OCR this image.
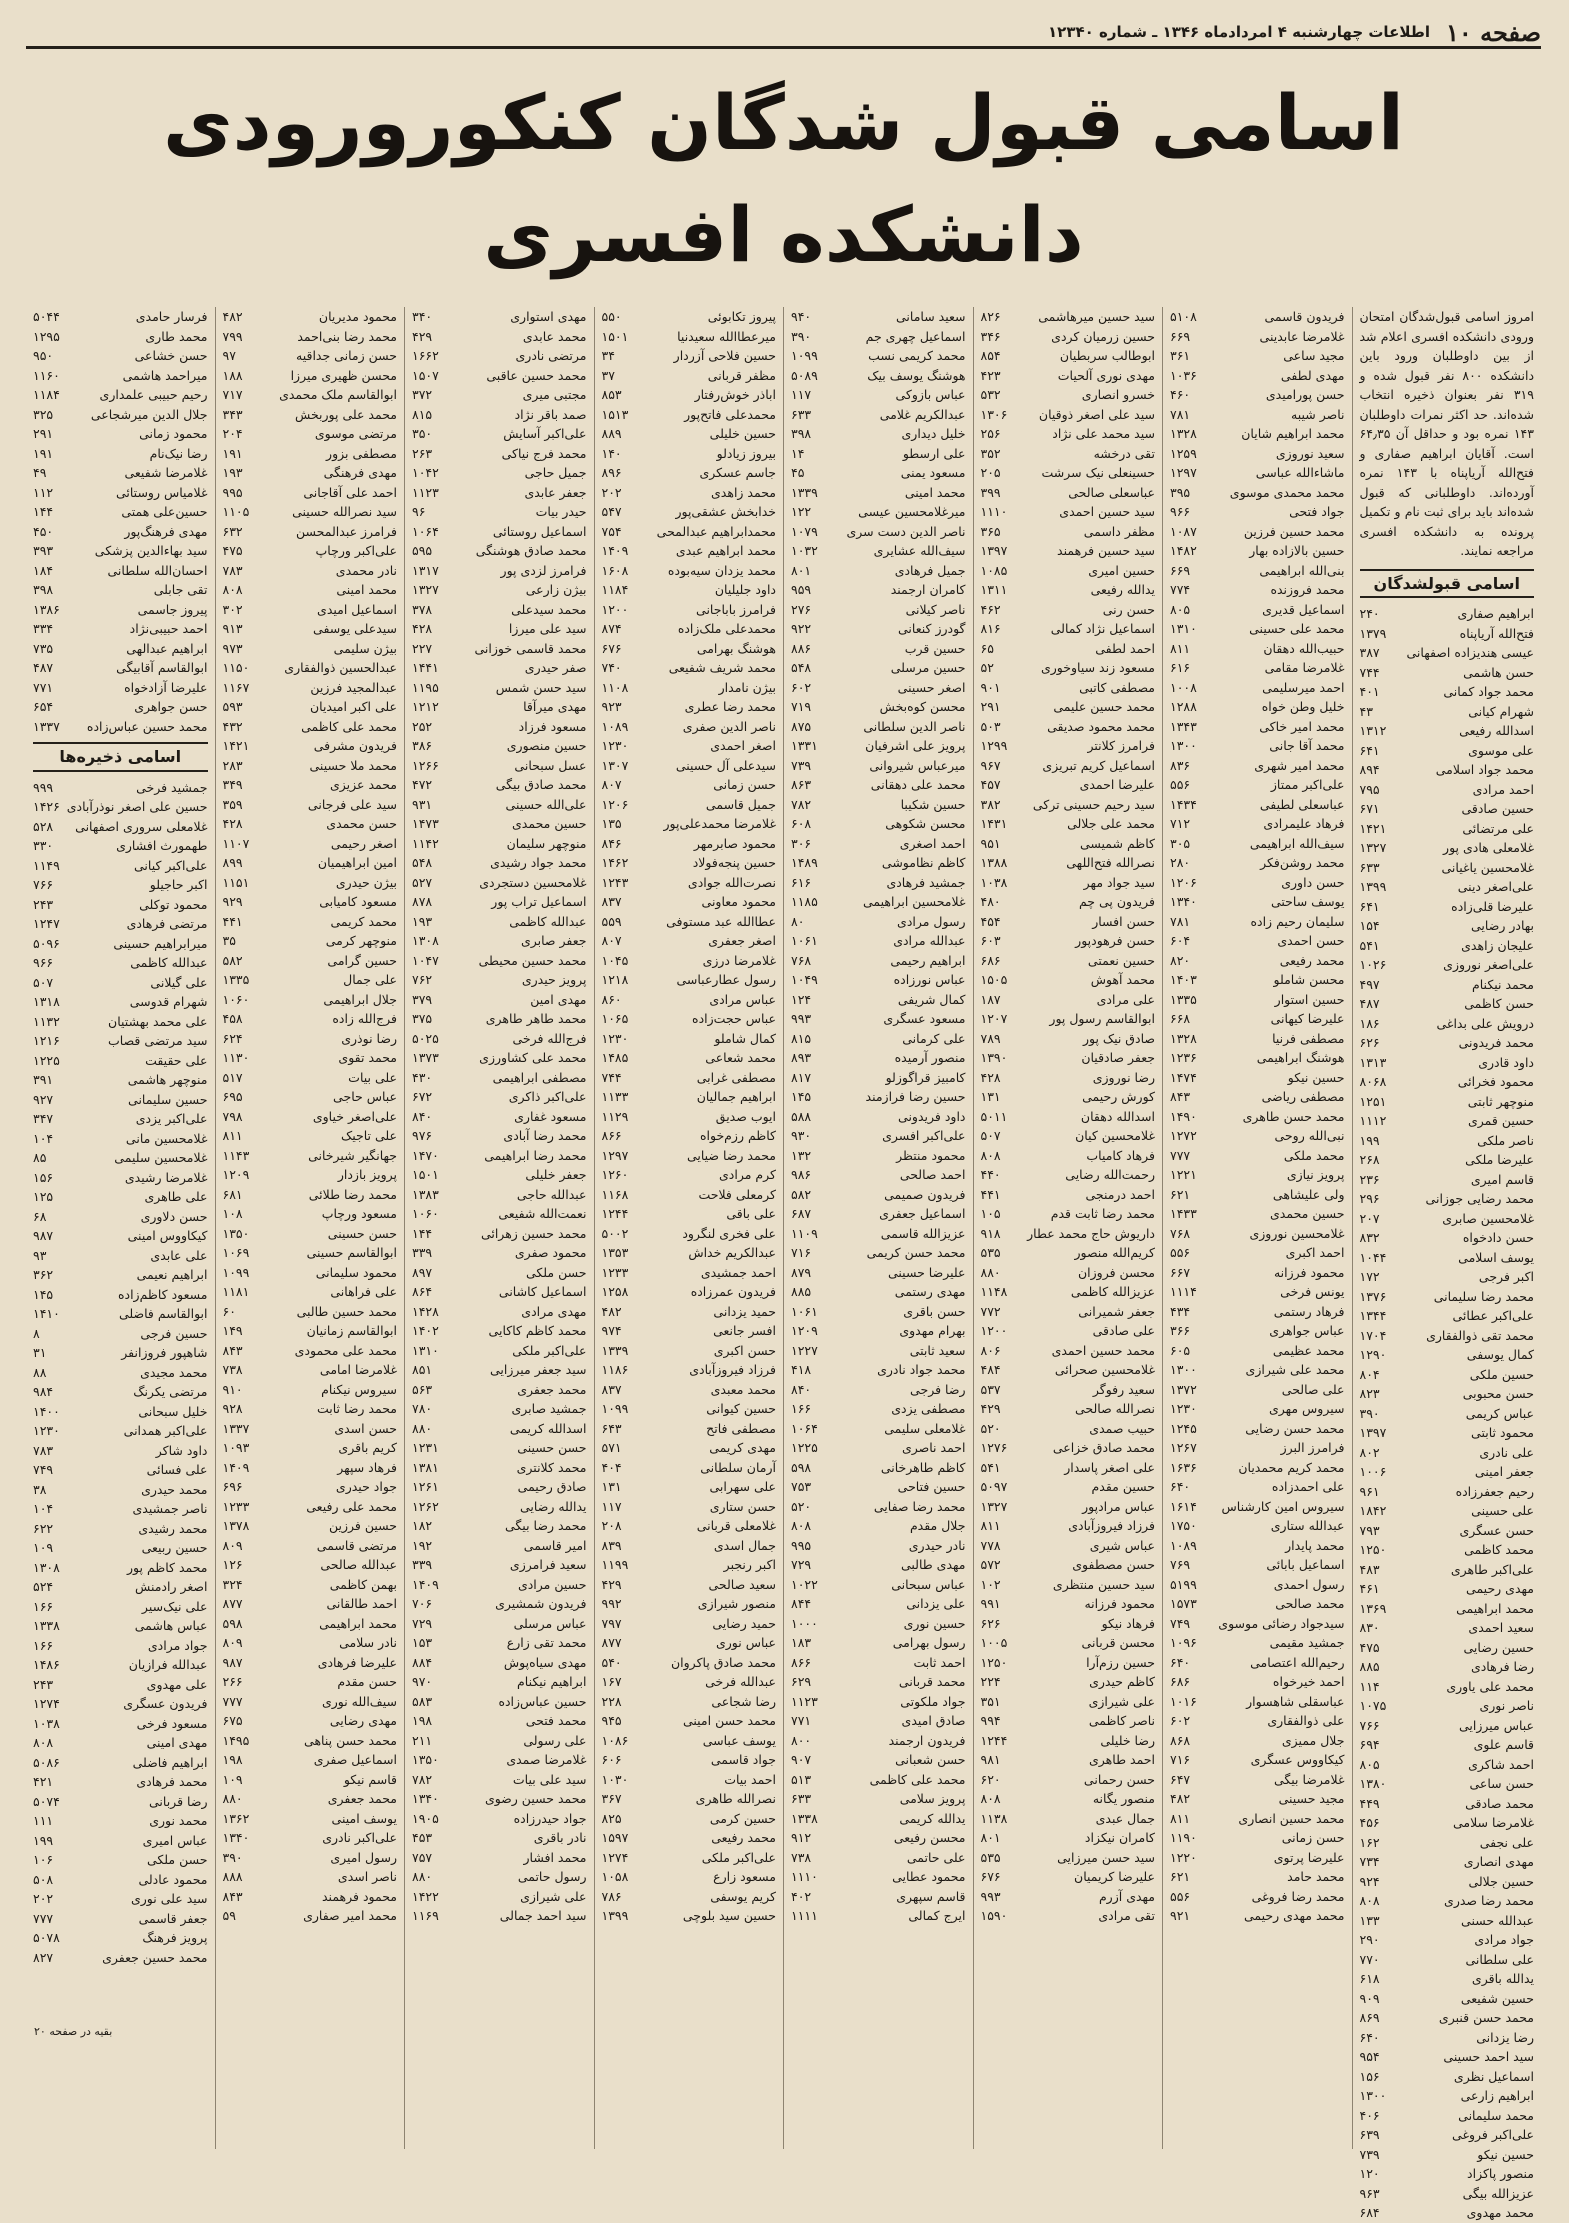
صفحه ۱۰
اطلاعات چهارشنبه ۴ امردادماه ۱۳۴۶ ـ شماره ۱۲۳۴۰
اسامی قبول شدگان کنکورورودی دانشکده افسری
امروز اسامی قبول‌شدگان امتحان ورودی دانشکده افسری اعلام شد از بین داوطلبان ورود باین دانشکده ۸۰۰ نفر قبول شده و ۳۱۹ نفر بعنوان ذخیره انتخاب شده‌اند. حد اکثر نمرات داوطلبان ۱۴۳ نمره بود و حداقل آن ۶۴٫۳۵ است. آقایان ابراهیم صفاری و فتح‌الله آریاپناه با ۱۴۳ نمره آورده‌اند. داوطلبانی که قبول شده‌اند باید برای ثبت نام و تکمیل پرونده به دانشکده افسری مراجعه نمایند.
اسامی قبولشدگان
ابراهیم صفاری
۲۴۰
فتح‌الله آریاپناه
۱۳۷۹
عیسی هندیزاده اصفهانی
۳۸۷
حسن هاشمی
۷۴۴
محمد جواد کمانی
۴۰۱
شهرام کیانی
۴۳
اسدالله رفیعی
۱۳۱۲
علی موسوی
۶۴۱
محمد جواد اسلامی
۸۹۴
احمد مرادی
۷۹۵
حسین صادقی
۶۷۱
علی مرتضائی
۱۴۲۱
غلامعلی هادی پور
۱۳۲۷
غلامحسین یاغیانی
۶۳۳
علی‌اصغر دینی
۱۳۹۹
علیرضا قلی‌زاده
۶۴۱
بهادر رضایی
۱۵۴
علیجان زاهدی
۵۴۱
علی‌اصغر نوروزی
۱۰۲۶
محمد نیکنام
۴۹۷
حسن کاظمی
۴۸۷
درویش علی بداغی
۱۸۶
محمد فریدونی
۶۲۶
داود قادری
۱۳۱۳
محمود فخرائی
۸۰۶۸
منوچهر ثابتی
۱۲۵۱
حسین قمری
۱۱۱۲
ناصر ملکی
۱۹۹
علیرضا ملکی
۲۶۸
قاسم امیری
۲۳۶
محمد رضایی جوزانی
۲۹۶
غلامحسین صابری
۲۰۷
حسن دادخواه
۸۳۲
یوسف اسلامی
۱۰۴۴
اکبر فرجی
۱۷۲
محمد رضا سلیمانی
۱۳۷۶
علی‌اکبر عطائی
۱۳۴۴
محمد تقی ذوالفقاری
۱۷۰۴
کمال یوسفی
۱۲۹۰
حسین ملکی
۸۰۴
حسن محبوبی
۸۲۳
عباس کریمی
۳۹۰
محمود ثابتی
۱۳۹۷
علی نادری
۸۰۲
جعفر امینی
۱۰۰۶
رحیم جعفرزاده
۹۶۱
علی حسینی
۱۸۴۲
حسن عسگری
۷۹۳
محمد کاظمی
۱۲۵۰
علی‌اکبر طاهری
۴۸۳
مهدی رحیمی
۴۶۱
محمد ابراهیمی
۱۳۶۹
سعید احمدی
۸۳۰
حسین رضایی
۴۷۵
رضا فرهادی
۸۸۵
محمد علی یاوری
۱۱۴
ناصر نوری
۱۰۷۵
عباس میرزایی
۷۶۶
قاسم علوی
۶۹۴
احمد شاکری
۸۰۵
حسن ساعی
۱۳۸۰
محمد صادقی
۴۴۹
غلامرضا سلامی
۴۵۶
علی نجفی
۱۶۲
مهدی انصاری
۷۳۴
حسین جلالی
۹۲۴
محمد رضا صدری
۸۰۸
عبدالله حسنی
۱۳۳
جواد مرادی
۲۹۰
علی سلطانی
۷۷۰
یدالله باقری
۶۱۸
حسین شفیعی
۹۰۹
محمد حسن قنبری
۸۶۹
رضا یزدانی
۶۴۰
سید احمد حسینی
۹۵۴
اسماعیل نظری
۱۵۶
ابراهیم زارعی
۱۳۰۰
محمد سلیمانی
۴۰۶
علی‌اکبر فروغی
۶۳۹
حسین نیکو
۷۳۹
منصور پاکزاد
۱۲۰
عزیزالله بیگی
۹۶۳
محمد مهدوی
۶۸۴
فریدون قاسمی
۵۱۰۸
غلامرضا عابدینی
۶۶۹
مجید ساعی
۳۶۱
مهدی لطفی
۱۰۳۶
حسن پورامیدی
۴۶۰
ناصر شیبه
۷۸۱
محمد ابراهیم شایان
۱۳۲۸
سعید نوروزی
۱۲۵۹
ماشاءالله عباسی
۱۲۹۷
محمد محمدی موسوی
۳۹۵
جواد فتحی
۹۶۶
محمد حسین فرزین
۱۰۸۷
حسین بالازاده بهار
۱۴۸۲
بنی‌الله ابراهیمی
۶۶۹
محمد فروزنده
۷۷۴
اسماعیل قدیری
۸۰۵
محمد علی حسینی
۱۳۱۰
حبیب‌الله دهقان
۸۱۱
غلامرضا مقامی
۶۱۶
احمد میرسلیمی
۱۰۰۸
خلیل وطن خواه
۱۲۸۸
محمد امیر خاکی
۱۳۴۳
محمد آقا جانی
۱۳۰۰
محمد امیر شهری
۸۳۶
علی‌اکبر ممتاز
۵۵۶
عباسعلی لطیفی
۱۴۳۴
فرهاد علیمرادی
۷۱۲
سیف‌الله ابراهیمی
۳۰۵
محمد روشن‌فکر
۲۸۰
حسن داوری
۱۲۰۶
یوسف ساحتی
۱۳۴۰
سلیمان رحیم زاده
۷۸۱
حسن احمدی
۶۰۴
محمد رفیعی
۸۲۰
محسن شاملو
۱۴۰۳
حسین استوار
۱۳۳۵
علیرضا کیهانی
۶۶۸
مصطفی فرنیا
۱۳۲۸
هوشنگ ابراهیمی
۱۲۳۶
حسین نیکو
۱۴۷۴
مصطفی ریاضی
۸۴۳
محمد حسن طاهری
۱۴۹۰
نبی‌الله روحی
۱۲۷۲
محمد ملکی
۷۷۷
پرویز نیازی
۱۲۲۱
ولی علیشاهی
۶۲۱
حسین محمدی
۱۴۳۳
غلامحسین نوروزی
۷۶۸
احمد اکبری
۵۵۶
محمود فرزانه
۶۶۷
یونس فرخی
۱۱۱۴
فرهاد رستمی
۴۳۴
عباس جواهری
۳۶۶
محمد عظیمی
۶۰۵
محمد علی شیرازی
۱۳۰۰
علی صالحی
۱۳۷۲
سیروس مهری
۱۲۳۰
محمد حسن رضایی
۱۲۴۵
فرامرز البرز
۱۲۶۷
محمد کریم محمدیان
۱۶۳۶
علی احمدزاده
۶۴۰
سیروس امین کارشناس
۱۶۱۴
عبدالله ستاری
۱۷۵۰
محمد پایدار
۱۰۸۹
اسماعیل بابائی
۷۶۹
رسول احمدی
۵۱۹۹
محمد صالحی
۱۵۷۳
سیدجواد رضائی موسوی
۷۴۹
جمشید مقیمی
۱۰۹۶
رحیم‌الله اعتصامی
۶۴۰
احمد خیرخواه
۶۸۶
عباسقلی شاهسوار
۱۰۱۶
علی ذوالفقاری
۶۰۲
جلال ممیزی
۸۶۸
کیکاووس عسگری
۷۱۶
غلامرضا بیگی
۶۴۷
مجید حسینی
۴۸۲
محمد حسین انصاری
۸۱۱
حسن زمانی
۱۱۹۰
علیرضا پرتوی
۱۲۲۰
محمد حامد
۶۲۱
محمد رضا فروغی
۵۵۶
محمد مهدی رحیمی
۹۲۱
سید حسین میرهاشمی
۸۲۶
حسین زرمیان کردی
۳۴۶
ابوطالب سربطیان
۸۵۴
مهدی نوری آلحیات
۴۲۳
خسرو انصاری
۵۳۲
سید علی اصغر ذوقیان
۱۳۰۶
سید محمد علی نژاد
۲۵۶
تقی درخشه
۳۵۲
حسینعلی نیک سرشت
۲۰۵
عباسعلی صالحی
۳۹۹
سید حسین احمدی
۱۱۱۰
مظفر داسمی
۳۶۵
سید حسین فرهمند
۱۳۹۷
حسین امیری
۱۰۸۵
یدالله رفیعی
۱۳۱۱
حسن رنی
۴۶۲
اسماعیل نژاد کمالی
۸۱۶
احمد لطفی
۶۵
مسعود زند سیاوخوری
۵۲
مصطفی کاتبی
۹۰۱
محمد حسین علیمی
۲۹۱
محمد محمود صدیقی
۵۰۳
فرامرز کلانتر
۱۲۹۹
اسماعیل کریم تبریزی
۹۶۷
علیرضا احمدی
۴۵۷
سید رحیم حسینی ترکی
۳۸۲
محمد علی جلالی
۱۴۳۱
کاظم شمیسی
۹۵۱
نصرالله فتح‌اللهی
۱۳۸۸
سید جواد مهر
۱۰۳۸
فریدون پی چم
۴۸۰
حسن افسار
۴۵۴
حسن فرهودپور
۶۰۳
حسین نعمتی
۶۸۶
محمد آهوش
۱۵۰۵
علی مرادی
۱۸۷
ابوالقاسم رسول پور
۱۲۰۷
صادق نیک پور
۷۸۹
جعفر صادقیان
۱۳۹۰
رضا نوروزی
۴۲۸
کورش رحیمی
۱۳۱
اسدالله دهقان
۵۰۱۱
غلامحسین کیان
۵۰۷
فرهاد کامیاب
۸۰۸
رحمت‌الله رضایی
۴۴۰
احمد درمنجی
۴۴۱
محمد رضا ثابت قدم
۱۰۵
داریوش حاج محمد عطار
۹۱۸
کریم‌الله منصور
۵۳۵
محسن فروزان
۸۸۰
عزیزالله کاظمی
۱۱۴۸
جعفر شمیرانی
۷۷۲
علی صادقی
۱۲۰۰
محمد حسین احمدی
۸۰۶
غلامحسین صحرائی
۴۸۴
سعید رفوگر
۵۳۷
نصرالله صالحی
۴۲۹
حبیب صمدی
۵۲۰
محمد صادق خزاعی
۱۲۷۶
علی اصغر پاسدار
۵۴۱
حسین مقدم
۵۰۹۷
عباس مرادپور
۱۳۲۷
فرزاد فیروزآبادی
۸۱۱
عباس شیری
۷۷۸
حسن مصطفوی
۵۷۲
سید حسین منتظری
۱۰۲
محمود فرزانه
۹۹۱
فرهاد نیکو
۶۲۶
محسن قربانی
۱۰۰۵
حسین رزم‌آرا
۱۲۵۰
کاظم حیدری
۲۲۴
علی شیرازی
۳۵۱
ناصر کاظمی
۹۹۴
رضا خلیلی
۱۲۴۴
احمد طاهری
۹۸۱
حسن رحمانی
۶۲۰
منصور یگانه
۸۰۸
جمال عبدی
۱۱۳۸
کامران نیکزاد
۸۰۱
سید حسن میرزایی
۵۳۵
علیرضا کریمیان
۶۷۶
مهدی آزرم
۹۹۳
تقی مرادی
۱۵۹۰
سعید سامانی
۹۴۰
اسماعیل چهری جم
۳۹۰
محمد کریمی نسب
۱۰۹۹
هوشنگ یوسف بیک
۵۰۸۹
عباس بازوکی
۱۱۷
عبدالکریم غلامی
۶۳۳
خلیل دیداری
۳۹۸
علی ارسطو
۱۴
مسعود یمنی
۴۵
محمد امینی
۱۳۳۹
میرغلامحسین عیسی
۱۲۲
ناصر الدین دست سری
۱۰۷۹
سیف‌الله عشایری
۱۰۳۲
جمیل فرهادی
۸۰۱
کامران ارجمند
۹۵۹
ناصر کیلانی
۲۷۶
گودرز کنعانی
۹۲۲
حسین قرب
۸۸۶
حسین مرسلی
۵۴۸
اصغر حسینی
۶۰۲
محسن کوه‌بخش
۷۱۹
ناصر الدین سلطانی
۸۷۵
پرویز علی اشرفیان
۱۳۳۱
میرعباس شیروانی
۷۳۹
محمد علی دهقانی
۸۶۳
حسین شکیبا
۷۸۲
محسن شکوهی
۶۰۸
احمد اصغری
۳۰۶
کاظم نظاموشی
۱۴۸۹
جمشید فرهادی
۶۱۶
غلامحسین ابراهیمی
۱۱۸۵
رسول مرادی
۸۰
عبدالله مرادی
۱۰۶۱
ابراهیم رحیمی
۷۶۸
عباس نورزاده
۱۰۴۹
کمال شریفی
۱۲۴
مسعود عسگری
۹۹۳
علی کرمانی
۸۱۵
منصور آرمیده
۸۹۳
کامبیز قراگوزلو
۸۱۷
حسین رضا فرازمند
۱۴۵
داود فریدونی
۵۸۸
علی‌اکبر افسری
۹۳۰
محمود منتظر
۱۳۲
احمد صالحی
۹۸۶
فریدون صمیمی
۵۸۲
اسماعیل جعفری
۶۸۷
عزیزالله قاسمی
۱۱۰۹
محمد حسن کریمی
۷۱۶
علیرضا حسینی
۸۷۹
مهدی رستمی
۸۸۵
حسن باقری
۱۰۶۱
بهرام مهدوی
۱۲۰۹
سعید ثابتی
۱۲۲۷
محمد جواد نادری
۴۱۸
رضا فرجی
۸۴۰
مصطفی یزدی
۱۶۶
غلامعلی سلیمی
۱۰۶۴
احمد ناصری
۱۲۲۵
کاظم طاهرخانی
۵۹۸
حسین فتاحی
۷۵۳
محمد رضا صفایی
۵۲۰
جلال مقدم
۸۰۸
نادر حیدری
۹۹۵
مهدی طالبی
۷۲۹
عباس سبحانی
۱۰۲۲
علی یزدانی
۸۴۴
حسین نوری
۱۰۰۰
رسول بهرامی
۱۸۳
احمد ثابت
۸۶۶
محمد قربانی
۶۲۹
جواد ملکوتی
۱۱۲۳
صادق امیدی
۷۷۱
فریدون ارجمند
۸۰۰
حسن شعبانی
۹۰۷
محمد علی کاظمی
۵۱۳
پرویز سلامی
۶۳۳
یدالله کریمی
۱۳۳۸
محسن رفیعی
۹۱۲
علی حاتمی
۷۳۸
محمود عطایی
۱۱۱۰
قاسم سپهری
۴۰۲
ایرج کمالی
۱۱۱۱
پیروز تکابوئی
۵۵۰
میرعطاالله سعیدنیا
۱۵۰۱
حسین فلاحی آزردار
۳۴
مظفر قربانی
۳۷
اباذر خوش‌رفتار
۸۵۳
محمدعلی فاتح‌پور
۱۵۱۳
حسین خلیلی
۸۸۹
بیروز زیادلو
۱۴۰
جاسم عسکری
۸۹۶
محمد زاهدی
۲۰۲
خدابخش عشقی‌پور
۵۴۷
محمدابراهیم عبدالمحی
۷۵۴
محمد ابراهیم عبدی
۱۴۰۹
محمد یزدان سیه‌بوده
۱۶۰۸
داود جلیلیان
۱۱۸۴
فرامرز باباجانی
۱۲۰۰
محمدعلی ملک‌زاده
۸۷۴
هوشنگ بهرامی
۶۷۶
محمد شریف شفیعی
۷۴۰
بیژن نامدار
۱۱۰۸
محمد رضا عطری
۹۲۳
ناصر الدین صفری
۱۰۸۹
اصغر احمدی
۱۲۳۰
سیدعلی آل حسینی
۱۳۰۷
حسن زمانی
۸۰۷
جمیل قاسمی
۱۲۰۶
غلامرضا محمدعلی‌پور
۱۳۵
محمود صابرمهر
۸۴۶
حسین پنجه‌فولاد
۱۴۶۲
نصرت‌الله جوادی
۱۲۴۳
محمود معاونی
۸۳۷
عطاالله عبد مستوفی
۵۵۹
اصغر جعفری
۸۰۷
غلامرضا درزی
۱۰۴۵
رسول عطارعباسی
۱۲۱۸
عباس مرادی
۸۶۰
عباس حجت‌زاده
۱۰۶۵
کمال شاملو
۱۲۳۰
محمد شعاعی
۱۴۸۵
مصطفی غرابی
۷۴۴
ابراهیم جمالیان
۱۱۳۳
ایوب صدیق
۱۱۲۹
کاظم رزم‌خواه
۸۶۶
محمد رضا ضیایی
۱۲۹۷
کرم مرادی
۱۲۶۰
کرمعلی فلاحت
۱۱۶۸
علی باقی
۱۲۴۴
علی فخری لنگرود
۵۰۰۲
عبدالکریم خداش
۱۳۵۳
احمد جمشیدی
۱۲۳۳
فریدون عمرزاده
۱۲۵۸
حمید یزدانی
۴۸۲
افسر جانعی
۹۷۴
حسن اکبری
۱۳۳۹
فرزاد فیروزآبادی
۱۱۸۶
محمد معبدی
۸۳۷
حسین کیوانی
۱۰۹۹
مصطفی فاتح
۶۴۳
مهدی کریمی
۵۷۱
آرمان سلطانی
۴۰۴
علی سهرابی
۱۳۱
حسن ستاری
۱۱۷
غلامعلی قربانی
۲۰۸
جمال اسدی
۸۳۹
اکبر رنجبر
۱۱۹۹
سعید صالحی
۴۲۹
منصور شیرازی
۹۹۲
حمید رضایی
۷۹۷
عباس نوری
۸۷۷
محمد صادق پاکروان
۵۴۰
عبدالله فرخی
۱۶۷
رضا شجاعی
۲۲۸
محمد حسن امینی
۹۴۵
یوسف عباسی
۱۰۸۶
جواد قاسمی
۶۰۶
احمد بیات
۱۰۳۰
نصرالله طاهری
۳۶۷
حسین کرمی
۸۲۵
محمد رفیعی
۱۵۹۷
علی‌اکبر ملکی
۱۲۷۴
مسعود زارع
۱۰۵۸
کریم یوسفی
۷۸۶
حسین سید بلوچی
۱۳۹۹
مهدی استواری
۳۴۰
محمد عابدی
۴۲۹
مرتضی نادری
۱۶۶۲
محمد حسین عاقبی
۱۵۰۷
مجتبی میری
۳۷۲
صمد باقر نژاد
۸۱۵
علی‌اکبر آسایش
۳۵۰
محمد فرج نیاکی
۲۶۳
جمیل حاجی
۱۰۴۲
جعفر عابدی
۱۱۲۳
حیدر بیات
۹۶
اسماعیل روستائی
۱۰۶۴
محمد صادق هوشنگی
۵۹۵
فرامرز لزدی پور
۱۳۱۷
بیژن زارعی
۱۳۲۷
محمد سیدعلی
۳۷۸
سید علی میرزا
۴۲۸
محمد قاسمی خوزانی
۲۲۷
صفر حیدری
۱۴۴۱
سید حسن شمس
۱۱۹۵
مهدی میرآقا
۱۲۱۲
مسعود فرزاد
۲۵۲
حسین منصوری
۳۸۶
عسل سبحانی
۱۲۶۶
محمد صادق بیگی
۴۷۲
علی‌الله حسینی
۹۳۱
حسین محمدی
۱۴۷۳
منوچهر سلیمان
۱۱۴۲
محمد جواد رشیدی
۵۴۸
غلامحسین دستجردی
۵۲۷
اسماعیل تراب پور
۸۷۸
عبدالله کاظمی
۱۹۳
جعفر صابری
۱۳۰۸
محمد حسین محیطی
۱۰۴۷
پرویز حیدری
۷۶۲
مهدی امین
۳۷۹
محمد طاهر طاهری
۳۷۵
فرج‌الله فرخی
۵۰۲۵
محمد علی کشاورزی
۱۳۷۳
مصطفی ابراهیمی
۴۳۰
علی‌اکبر ذاکری
۶۷۲
مسعود غفاری
۸۴۰
محمد رضا آبادی
۹۷۶
محمد رضا ابراهیمی
۱۴۷۰
جعفر خلیلی
۱۵۰۱
عبدالله حاجی
۱۳۸۳
نعمت‌الله شفیعی
۱۰۶۰
محمد حسین زهرائی
۱۴۴
محمود صفری
۳۳۹
حسن ملکی
۸۹۷
اسماعیل کاشانی
۸۶۴
مهدی مرادی
۱۴۲۸
محمد کاظم کاکایی
۱۴۰۲
علی‌اکبر ملکی
۱۳۱۰
سید جعفر میرزایی
۸۵۱
محمد جعفری
۵۶۳
جمشید صابری
۷۸۰
اسدالله کریمی
۸۸۰
حسن حسینی
۱۲۳۱
محمد کلانتری
۱۳۸۱
صادق رحیمی
۱۲۶۱
یدالله رضایی
۱۲۶۲
محمد رضا بیگی
۱۸۲
امیر قاسمی
۱۹۲
سعید فرامرزی
۳۳۹
حسین مرادی
۱۴۰۹
فریدون شمشیری
۷۰۶
عباس مرسلی
۷۲۹
محمد تقی زارع
۱۵۳
مهدی سیاه‌پوش
۸۸۴
ابراهیم نیکنام
۹۷۰
حسین عباس‌زاده
۵۸۳
محمد فتحی
۱۹۸
علی رسولی
۲۱۱
غلامرضا صمدی
۱۳۵۰
سید علی بیات
۷۸۲
محمد حسین رضوی
۱۳۴۰
جواد حیدرزاده
۱۹۰۵
نادر باقری
۴۵۳
محمد افشار
۷۵۷
رسول حاتمی
۸۸۰
علی شیرازی
۱۴۲۲
سید احمد جمالی
۱۱۶۹
محمود مدیریان
۴۸۲
محمد رضا بنی‌احمد
۷۹۹
حسن زمانی جداقیه
۹۷
محسن ظهیری میرزا
۱۸۸
ابوالقاسم ملک محمدی
۷۱۷
محمد علی پوربخش
۳۴۳
مرتضی موسوی
۲۰۴
مصطفی بزور
۱۹۱
مهدی فرهنگی
۱۹۳
احمد علی آقاجانی
۹۹۵
سید نصرالله حسینی
۱۱۰۵
فرامرز عبدالمحسن
۶۳۲
علی‌اکبر ورچاپ
۴۷۵
نادر محمدی
۷۸۳
محمد امینی
۸۰۸
اسماعیل امیدی
۳۰۲
سیدعلی یوسفی
۹۱۳
بیژن سلیمی
۹۷۳
عبدالحسین ذوالفقاری
۱۱۵۰
عبدالمجید فرزین
۱۱۶۷
علی اکبر امیدیان
۵۹۳
محمد علی کاظمی
۴۳۲
فریدون مشرفی
۱۴۲۱
محمد ملا حسینی
۲۸۳
محمد عزیزی
۳۴۹
سید علی فرجانی
۳۵۹
حسن محمدی
۴۲۸
اصغر رحیمی
۱۱۰۷
امین ابراهیمیان
۸۹۹
بیژن حیدری
۱۱۵۱
مسعود کامیابی
۹۲۹
محمد کریمی
۴۴۱
منوچهر کرمی
۳۵
حسین گرامی
۵۸۲
علی جمال
۱۳۳۵
جلال ابراهیمی
۱۰۶۰
فرج‌الله زاده
۴۵۸
رضا نوذری
۶۲۴
محمد تقوی
۱۱۳۰
علی بیات
۵۱۷
عباس حاجی
۶۹۵
علی‌اصغر خیاوی
۷۹۸
علی تاجیک
۸۱۱
جهانگیر شیرخانی
۱۱۴۳
پرویز بازدار
۱۲۰۹
محمد رضا طلائی
۶۸۱
مسعود ورچاپ
۱۰۸
حسن حسینی
۱۳۵۰
ابوالقاسم حسینی
۱۰۶۹
محمود سلیمانی
۱۰۹۹
علی فراهانی
۱۱۸۱
محمد حسین طالبی
۶۰
ابوالقاسم زمانیان
۱۴۹
محمد علی محمودی
۸۴۳
غلامرضا امامی
۷۳۸
سیروس نیکنام
۹۱۰
محمد رضا ثابت
۹۲۸
حسن اسدی
۱۳۳۷
کریم باقری
۱۰۹۳
فرهاد سپهر
۱۴۰۹
جواد حیدری
۶۹۶
محمد علی رفیعی
۱۲۳۳
حسین فرزین
۱۳۷۸
مرتضی قاسمی
۸۰۹
عبدالله صالحی
۱۲۶
بهمن کاظمی
۳۲۴
احمد طالقانی
۸۷۷
محمد ابراهیمی
۵۹۸
نادر سلامی
۸۰۹
علیرضا فرهادی
۹۸۷
حسن مقدم
۲۶۶
سیف‌الله نوری
۷۷۷
مهدی رضایی
۶۷۵
محمد حسن پناهی
۱۴۹۵
اسماعیل صفری
۱۹۸
قاسم نیکو
۱۰۹
محمد جعفری
۸۸۰
یوسف امینی
۱۳۶۲
علی‌اکبر نادری
۱۳۴۰
رسول امیری
۳۹۰
ناصر اسدی
۸۸۸
محمود فرهمند
۸۴۳
محمد امیر صفاری
۵۹
فرسار حامدی
۵۰۴۴
محمد طاری
۱۲۹۵
حسن خشاعی
۹۵۰
میراحمد هاشمی
۱۱۶۰
رحیم حبیبی علمداری
۱۱۸۴
جلال الدین میرشجاعی
۳۲۵
محمود زمانی
۲۹۱
رضا نیک‌نام
۱۹۱
غلامرضا شفیعی
۴۹
غلامیاس روستائی
۱۱۲
حسین‌علی همتی
۱۴۴
مهدی فرهنگ‌پور
۴۵۰
سید بهاءالدین پزشکی
۳۹۳
احسان‌الله سلطانی
۱۸۴
تقی جابلی
۳۹۸
پیروز جاسمی
۱۳۸۶
احمد حبیبی‌نژاد
۳۳۴
ابراهیم عبدالهی
۷۳۵
ابوالقاسم آقابیگی
۴۸۷
علیرضا آزادخواه
۷۷۱
حسن جواهری
۶۵۴
محمد حسین عباس‌زاده
۱۳۳۷
اسامی ذخیره‌ها
جمشید فرخی
۹۹۹
حسین علی اصغر نوذرآبادی
۱۴۲۶
غلامعلی سروری اصفهانی
۵۲۸
طهمورث افشاری
۳۳۰
علی‌اکبر کیانی
۱۱۴۹
اکبر حاجیلو
۷۶۶
محمود توکلی
۲۴۳
مرتضی فرهادی
۱۲۴۷
میرابراهیم حسینی
۵۰۹۶
عبدالله کاظمی
۹۶۶
علی گیلانی
۵۰۷
شهرام قدوسی
۱۳۱۸
علی محمد بهشتیان
۱۱۳۲
سید مرتضی قصاب
۱۲۱۶
علی حقیقت
۱۲۲۵
منوچهر هاشمی
۳۹۱
حسین سلیمانی
۹۲۷
علی‌اکبر یزدی
۳۴۷
غلامحسین مانی
۱۰۴
غلامحسین سلیمی
۸۵
غلامرضا رشیدی
۱۵۶
علی طاهری
۱۲۵
حسن دلاوری
۶۸
کیکاووس امینی
۹۸۷
علی عابدی
۹۳
ابراهیم نعیمی
۳۶۲
مسعود کاظم‌زاده
۱۴۵
ابوالقاسم فاضلی
۱۴۱۰
حسین فرجی
۸
شاهپور فروزانفر
۳۱
محمد مجیدی
۸۸
مرتضی یکرنگ
۹۸۴
خلیل سبحانی
۱۴۰۰
علی‌اکبر همدانی
۱۲۳۰
داود شاکر
۷۸۳
علی فسائی
۷۴۹
محمد حیدری
۳۸
ناصر جمشیدی
۱۰۴
محمد رشیدی
۶۲۲
حسین ربیعی
۱۰۹
محمد کاظم پور
۱۳۰۸
اصغر رادمنش
۵۲۴
علی نیک‌سیر
۱۶۶
عباس هاشمی
۱۳۳۸
جواد مرادی
۱۶۶
عبدالله فرازیان
۱۴۸۶
علی مهدوی
۲۴۳
فریدون عسگری
۱۲۷۴
مسعود فرخی
۱۰۳۸
مهدی امینی
۸۰۸
ابراهیم فاضلی
۵۰۸۶
محمد فرهادی
۴۲۱
رضا قربانی
۵۰۷۴
محمد نوری
۱۱۱
عباس امیری
۱۹۹
حسن ملکی
۱۰۶
محمود عادلی
۵۰۸
سید علی نوری
۲۰۲
جعفر قاسمی
۷۷۷
پرویز فرهنگ
۵۰۷۸
محمد حسین جعفری
۸۲۷
بقیه در صفحه ۲۰
